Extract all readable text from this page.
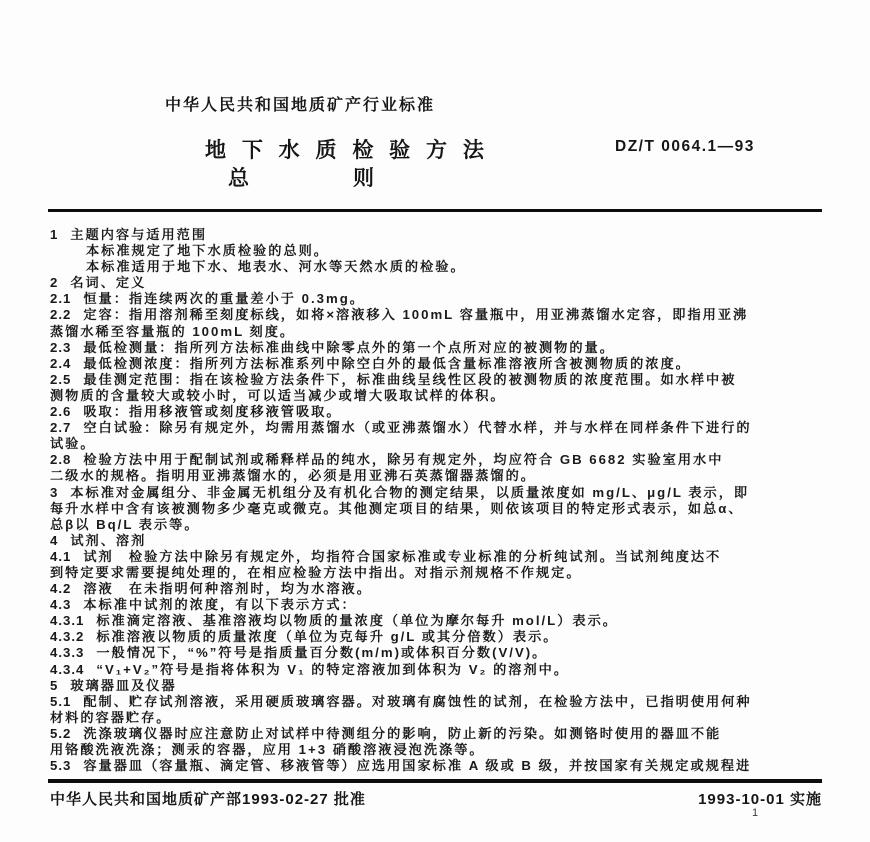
中华人民共和国地质矿产行业标准
地 下 水 质 检 验 方 法	DZ/T 0064.1—93
总	则

1 主题内容与适用范围

本标准规定了地下水质检验的总则。

本标准适用于地下水、地表水、河水等天然水质的检验。

2 名词、定义

2.1 恒量：指连续两次的重量差小于 0.3mg。

2.2 定容：指用溶剂稀至刻度标线，如将×溶液移入 100mL 容量瓶中，用亚沸蒸馏水定容，即指用亚沸

蒸馏水稀至容量瓶的 100mL 刻度。

2.3 最低检测量：指所列方法标准曲线中除零点外的第一个点所对应的被测物的量。

2.4 最低检测浓度：指所列方法标准系列中除空白外的最低含量标准溶液所含被测物质的浓度。

2.5 最佳测定范围：指在该检验方法条件下，标准曲线呈线性区段的被测物质的浓度范围。如水样中被

测物质的含量较大或较小时，可以适当减少或增大吸取试样的体积。

2.6 吸取：指用移液管或刻度移液管吸取。

2.7 空白试验：除另有规定外，均需用蒸馏水（或亚沸蒸馏水）代替水样，并与水样在同样条件下进行的

试验。

2.8 检验方法中用于配制试剂或稀释样品的纯水，除另有规定外，均应符合 GB 6682 实验室用水中

二级水的规格。指明用亚沸蒸馏水的，必须是用亚沸石英蒸馏器蒸馏的。

3 本标准对金属组分、非金属无机组分及有机化合物的测定结果，以质量浓度如 mg/L、μg/L 表示，即

每升水样中含有该被测物多少毫克或微克。其他测定项目的结果，则依该项目的特定形式表示，如总α、

总β以 Bq/L 表示等。

4 试剂、溶剂

4.1 试剂　检验方法中除另有规定外，均指符合国家标准或专业标准的分析纯试剂。当试剂纯度达不

到特定要求需要提纯处理的，在相应检验方法中指出。对指示剂规格不作规定。

4.2 溶液　在未指明何种溶剂时，均为水溶液。

4.3 本标准中试剂的浓度，有以下表示方式：

4.3.1 标准滴定溶液、基准溶液均以物质的量浓度（单位为摩尔每升 mol/L）表示。

4.3.2 标准溶液以物质的质量浓度（单位为克每升 g/L 或其分倍数）表示。

4.3.3 一般情况下，“%”符号是指质量百分数(m/m)或体积百分数(V/V)。

4.3.4 “V₁+V₂”符号是指将体积为 V₁ 的特定溶液加到体积为 V₂ 的溶剂中。

5 玻璃器皿及仪器

5.1 配制、贮存试剂溶液，采用硬质玻璃容器。对玻璃有腐蚀性的试剂，在检验方法中，已指明使用何种

材料的容器贮存。

5.2 洗涤玻璃仪器时应注意防止对试样中待测组分的影响，防止新的污染。如测铬时使用的器皿不能

用铬酸洗液洗涤；测汞的容器，应用 1+3 硝酸溶液浸泡洗涤等。

5.3 容量器皿（容量瓶、滴定管、移液管等）应选用国家标准 A 级或 B 级，并按国家有关规定或规程进

中华人民共和国地质矿产部1993-02-27 批准	1993-10-01 实施
1
